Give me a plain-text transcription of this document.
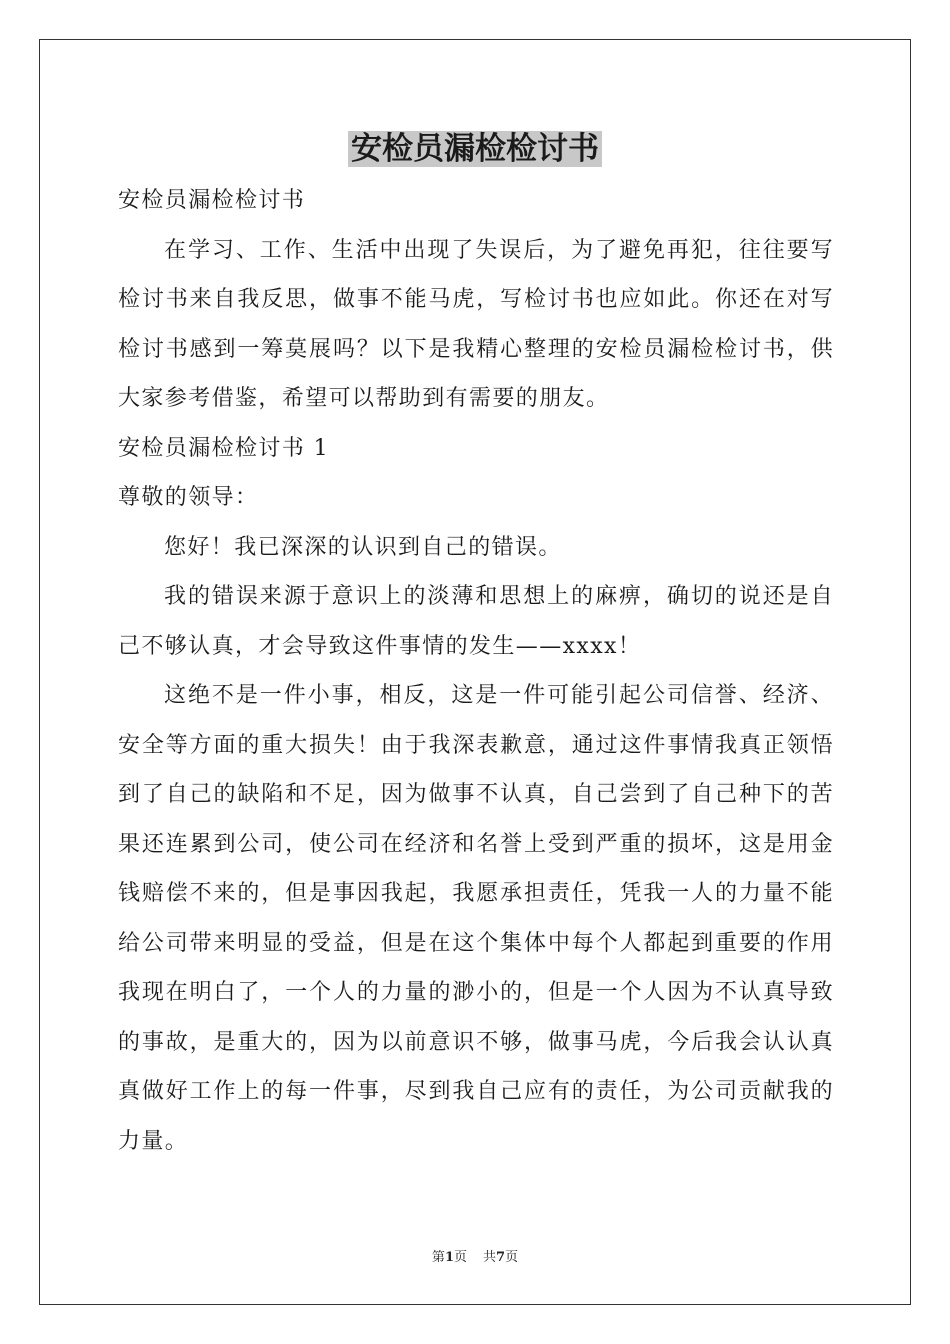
安检员漏检检讨书

安检员漏检检讨书

在学习、工作、生活中出现了失误后，为了避免再犯，往往要写检讨书来自我反思，做事不能马虎，写检讨书也应如此。你还在对写检讨书感到一筹莫展吗？以下是我精心整理的安检员漏检检讨书，供大家参考借鉴，希望可以帮助到有需要的朋友。

安检员漏检检讨书 1

尊敬的领导：

您好！我已深深的认识到自己的错误。

我的错误来源于意识上的淡薄和思想上的麻痹，确切的说还是自己不够认真，才会导致这件事情的发生——xxxx！

这绝不是一件小事，相反，这是一件可能引起公司信誉、经济、安全等方面的重大损失！由于我深表歉意，通过这件事情我真正领悟到了自己的缺陷和不足，因为做事不认真，自己尝到了自己种下的苦果还连累到公司，使公司在经济和名誉上受到严重的损坏，这是用金钱赔偿不来的，但是事因我起，我愿承担责任，凭我一人的力量不能给公司带来明显的受益，但是在这个集体中每个人都起到重要的作用我现在明白了，一个人的力量的渺小的，但是一个人因为不认真导致的事故，是重大的，因为以前意识不够，做事马虎，今后我会认认真真做好工作上的每一件事，尽到我自己应有的责任，为公司贡献我的力量。

第1页 共7页
